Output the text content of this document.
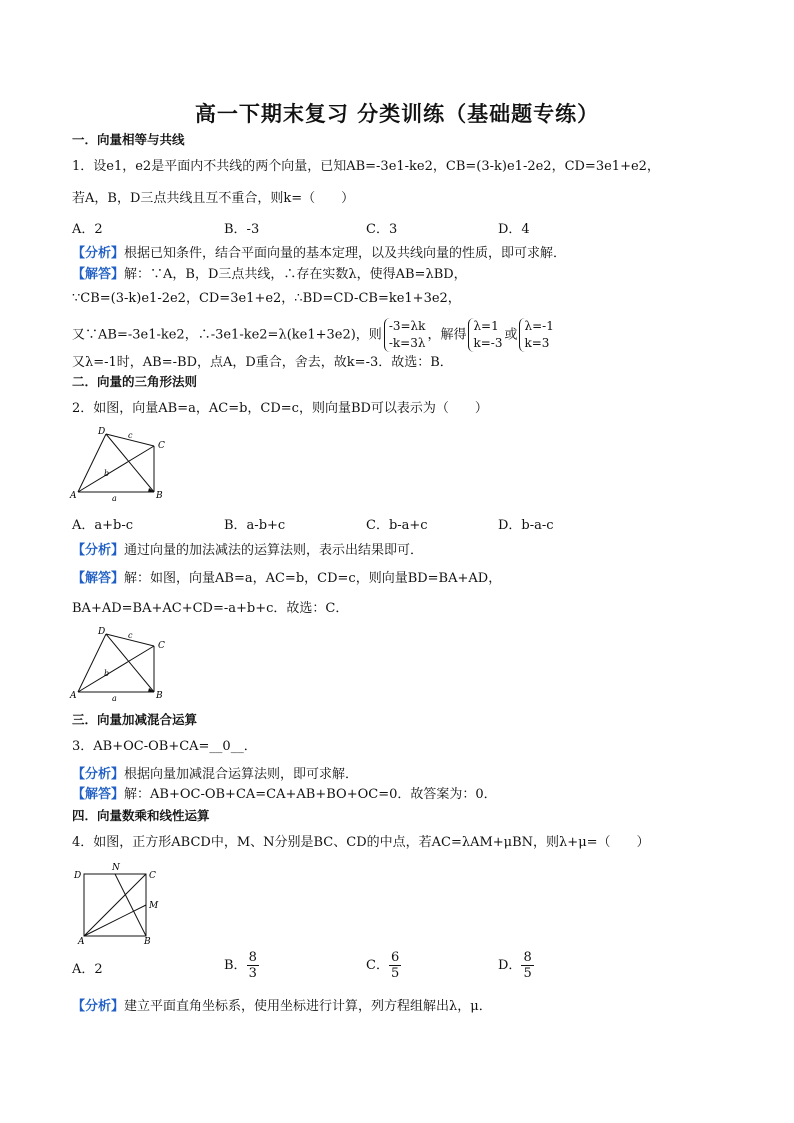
高一下期末复习 分类训练（基础题专练）
一．向量相等与共线
1．设e1，e2是平面内不共线的两个向量，已知AB=-3e1-ke2，CB=(3-k)e1-2e2，CD=3e1+e2，
若A，B，D三点共线且互不重合，则k=（　　）
A．2	B．-3	C．3	D．4
【分析】根据已知条件，结合平面向量的基本定理，以及共线向量的性质，即可求解．
【解答】解：∵A，B，D三点共线，∴存在实数λ，使得AB=λBD，
∵CB=(3-k)e1-2e2，CD=3e1+e2，∴BD=CD-CB=ke1+3e2，
又∵AB=-3e1-ke2，∴-3e1-ke2=λ(ke1+3e2)，则
-3=λk
-k=3λ
，解得
λ=1
k=-3
或
λ=-1
k=3
又λ=-1时，AB=-BD，点A，D重合，舍去，故k=-3．故选：B．
二．向量的三角形法则
2．如图，向量AB=a，AC=b，CD=c，则向量BD可以表示为（　　）
D
C
A	B
a
b
c
A．a+b-c	B．a-b+c	C．b-a+c	D．b-a-c
【分析】通过向量的加法减法的运算法则，表示出结果即可．
【解答】解：如图，向量AB=a，AC=b，CD=c，则向量BD=BA+AD，
BA+AD=BA+AC+CD=-a+b+c．故选：C．
D
C
A	B
a
b
c
三．向量加减混合运算
3．AB+OC-OB+CA=__0__．
【分析】根据向量加减混合运算法则，即可求解．
【解答】解：AB+OC-OB+CA=CA+AB+BO+OC=0．故答案为：0．
四．向量数乘和线性运算
4．如图，正方形ABCD中，M、N分别是BC、CD的中点，若AC=λAM+μBN，则λ+μ=（　　）
N
D	C
M
A	B
A．2	B． $\frac{8}{3}$	C． $\frac{6}{5}$	D． $\frac{8}{5}$
【分析】建立平面直角坐标系，使用坐标进行计算，列方程组解出λ，μ．
